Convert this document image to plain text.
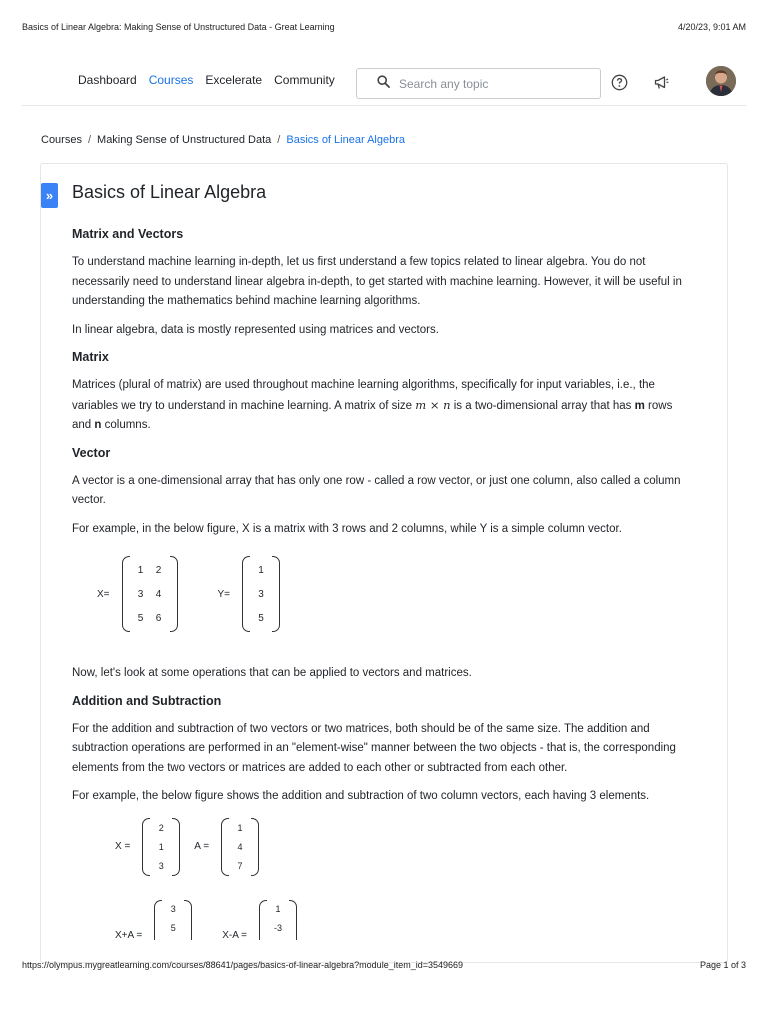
Basics of Linear Algebra: Making Sense of Unstructured Data - Great Learning	4/20/23, 9:01 AM
Dashboard Courses Excelerate Community
Search any topic
Courses / Making Sense of Unstructured Data / Basics of Linear Algebra
» Basics of Linear Algebra
Matrix and Vectors

To understand machine learning in-depth, let us first understand a few topics related to linear algebra. You do not necessarily need to understand linear algebra in-depth, to get started with machine learning. However, it will be useful in understanding the mathematics behind machine learning algorithms.

In linear algebra, data is mostly represented using matrices and vectors.

Matrix

Matrices (plural of matrix) are used throughout machine learning algorithms, specifically for input variables, i.e., the variables we try to understand in machine learning. A matrix of size m × n is a two-dimensional array that has m rows and n columns.

Vector

A vector is a one-dimensional array that has only one row - called a row vector, or just one column, also called a column vector.

For example, in the below figure, X is a matrix with 3 rows and 2 columns, while Y is a simple column vector.

X=
1	2
3	4
5	6
Y=
1
3
5

Now, let's look at some operations that can be applied to vectors and matrices.

Addition and Subtraction

For the addition and subtraction of two vectors or two matrices, both should be of the same size. The addition and subtraction operations are performed in an "element-wise" manner between the two objects - that is, the corresponding elements from the two vectors or matrices are added to each other or subtracted from each other.

For example, the below figure shows the addition and subtraction of two column vectors, each having 3 elements.

X =
2
1
3
A =
1
4
7
X+A =
3
5
X-A =
1
-3
https://olympus.mygreatlearning.com/courses/88641/pages/basics-of-linear-algebra?module_item_id=3549669	Page 1 of 3
